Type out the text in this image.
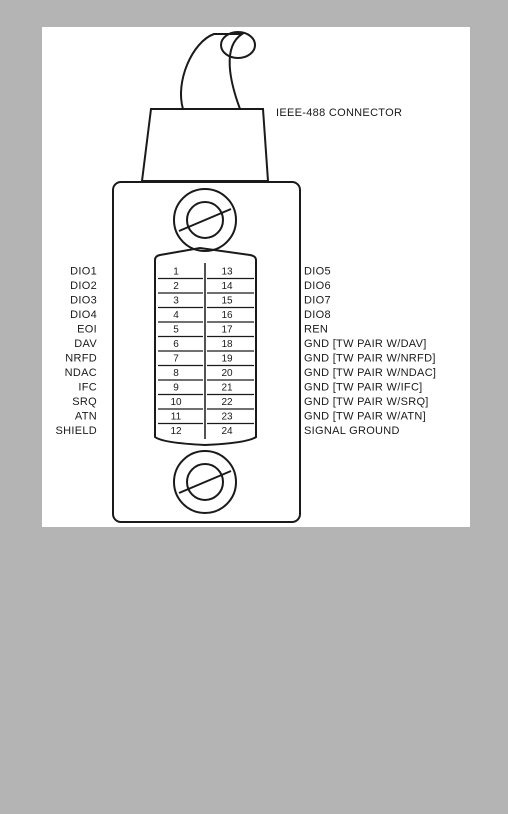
IEEE-488 CONNECTOR
DIO1	1	13	DIO5
DIO2	2	14	DIO6
DIO3	3	15	DIO7
DIO4	4	16	DIO8
EOI	5	17	REN
DAV	6	18	GND [TW PAIR W/DAV]
NRFD	7	19	GND [TW PAIR W/NRFD]
NDAC	8	20	GND [TW PAIR W/NDAC]
IFC	9	21	GND [TW PAIR W/IFC]
SRQ	10	22	GND [TW PAIR W/SRQ]
ATN	11	23	GND [TW PAIR W/ATN]
SHIELD	12	24	SIGNAL GROUND
